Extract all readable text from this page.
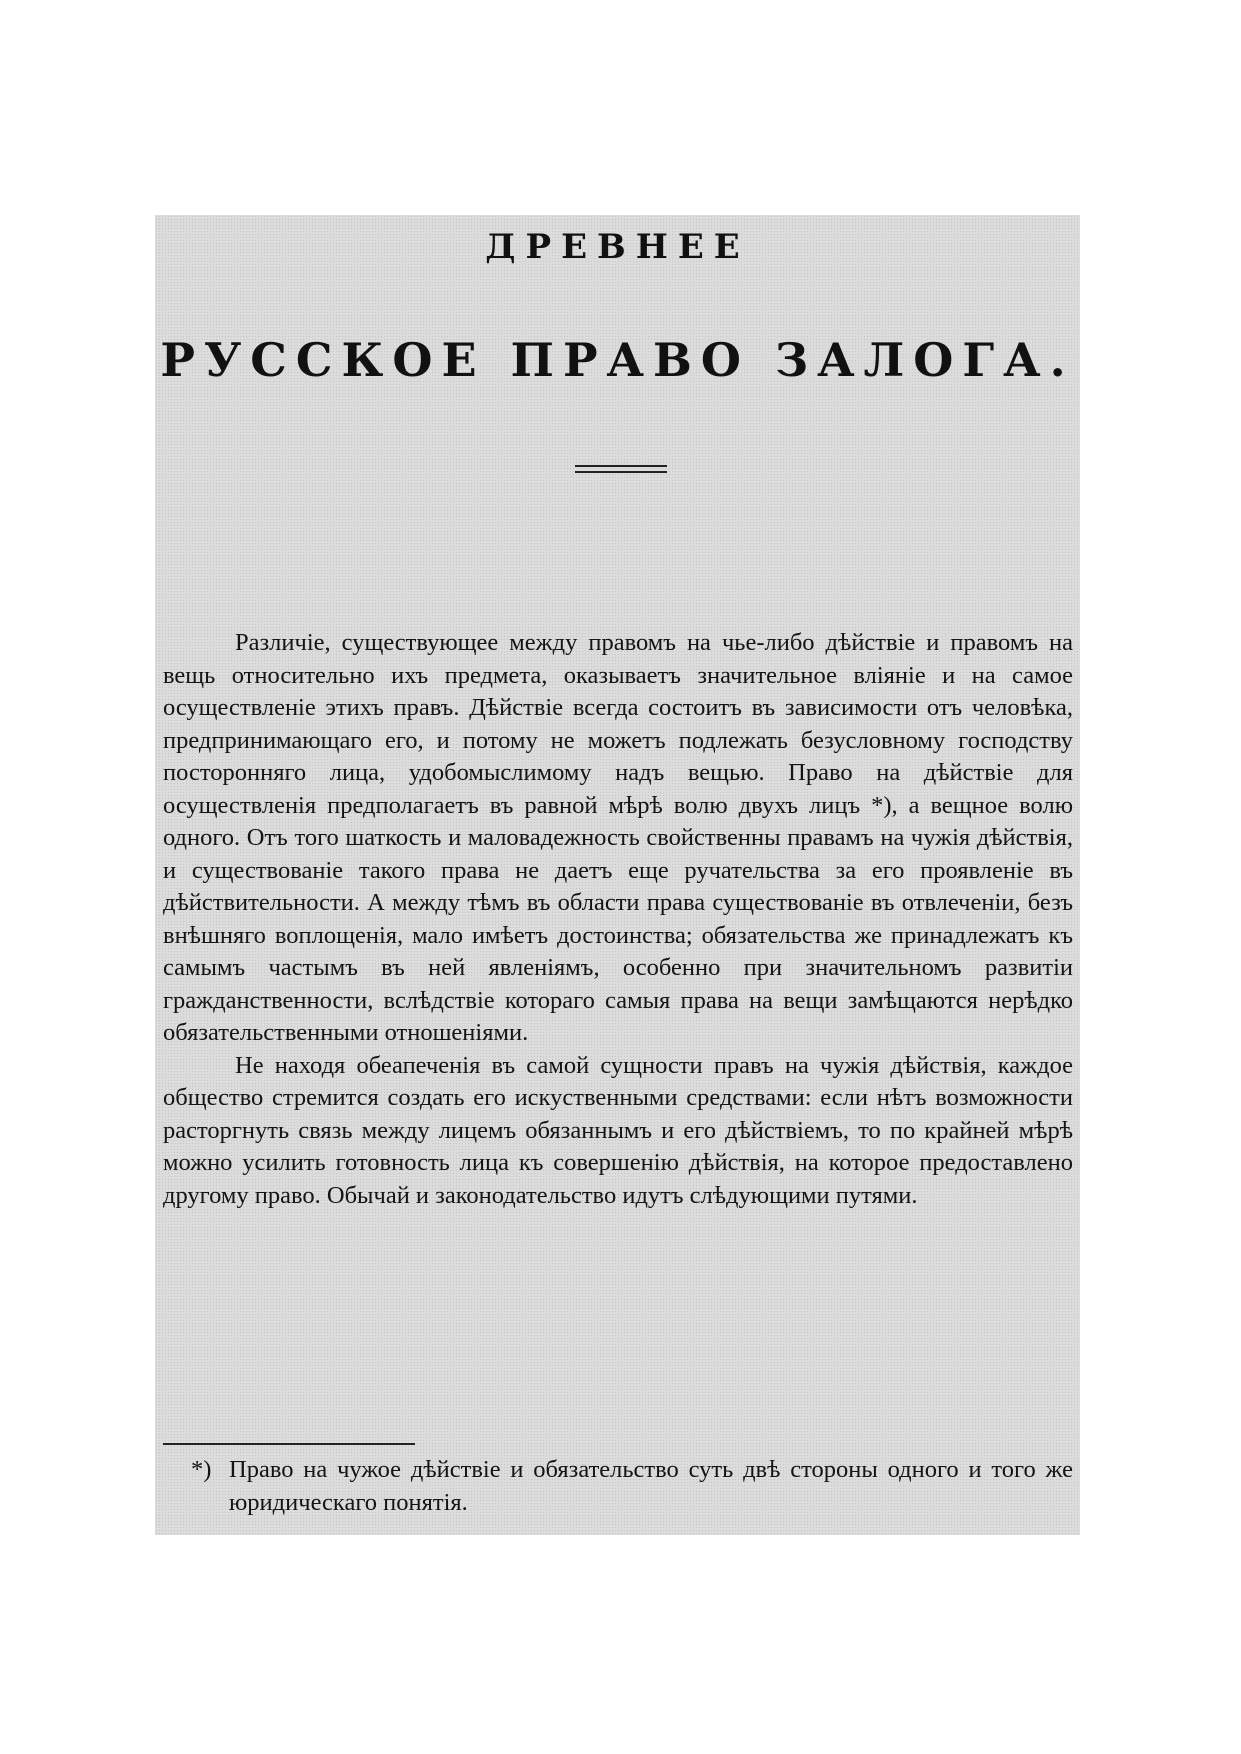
ДРЕВНЕЕ
РУССКОЕ ПРАВО ЗАЛОГА.

Различіе, существующее между правомъ на чье-либо дѣйствіе и правомъ на вещь относительно ихъ предмета, оказываетъ значительное вліяніе и на самое осуществленіе этихъ правъ. Дѣйствіе всегда состоитъ въ зависимости отъ человѣка, предпринимающаго его, и потому не можетъ подлежать безусловному господству посторонняго лица, удобомыслимому надъ вещью. Право на дѣйствіе для осуществленія предполагаетъ въ равной мѣрѣ волю двухъ лицъ *), а вещное волю одного. Отъ того шаткость и маловадежность свойственны правамъ на чужія дѣйствія, и существованіе такого права не даетъ еще ручательства за его проявленіе въ дѣйствительности. А между тѣмъ въ области права существованіе въ отвлеченіи, безъ внѣшняго воплощенія, мало имѣетъ достоинства; обязательства же принадлежатъ къ самымъ частымъ въ ней явленіямъ, особенно при значительномъ развитіи гражданственности, вслѣдствіе котораго самыя права на вещи замѣщаются нерѣдко обязательственными отношеніями.

Не находя обеапеченія въ самой сущности правъ на чужія дѣйствія, каждое общество стремится создать его искуственными средствами: если нѣтъ возможности расторгнуть связь между лицемъ обязаннымъ и его дѣйствіемъ, то по крайней мѣрѣ можно усилить готовность лица къ совершенію дѣйствія, на которое предоставлено другому право. Обычай и законодательство идутъ слѣдующими путями.

*) Право на чужое дѣйствіе и обязательство суть двѣ стороны одного и того же юридическаго понятія.
